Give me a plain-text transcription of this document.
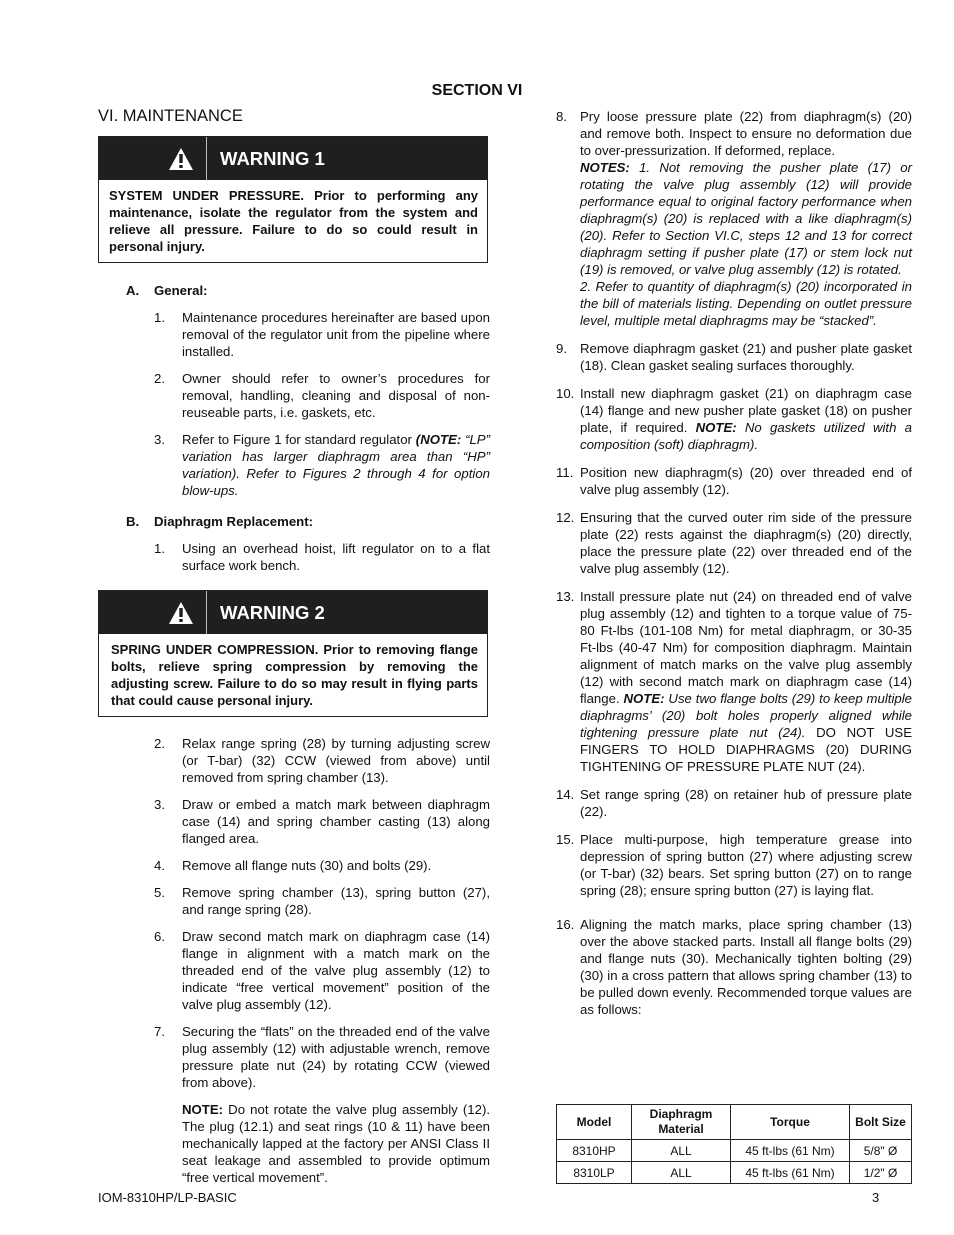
SECTION VI
VI. MAINTENANCE
WARNING 1
SYSTEM UNDER PRESSURE. Prior to performing any maintenance, isolate the regulator from the system and relieve all pressure. Failure to do so could result in personal injury.
A. General:
1.	Maintenance procedures hereinafter are based upon removal of the regulator unit from the pipeline where installed.
2.	Owner should refer to owner’s procedures for removal, handling, cleaning and disposal of non-reuseable parts, i.e. gaskets, etc.
3.	Refer to Figure 1 for standard regulator (NOTE: “LP” variation has larger diaphragm area than “HP” variation). Refer to Figures 2 through 4 for option blow-ups.
B. Diaphragm Replacement:
1.	Using an overhead hoist, lift regulator on to a flat surface work bench.
WARNING 2
SPRING UNDER COMPRESSION. Prior to removing flange bolts, relieve spring compression by removing the adjusting screw. Failure to do so may result in flying parts that could cause personal injury.
2.	Relax range spring (28) by turning adjusting screw (or T-bar) (32) CCW (viewed from above) until removed from spring chamber (13).
3.	Draw or embed a match mark between diaphragm case (14) and spring chamber casting (13) along flanged area.
4.	Remove all flange nuts (30) and bolts (29).
5.	Remove spring chamber (13), spring button (27), and range spring (28).
6.	Draw second match mark on diaphragm case (14) flange in alignment with a match mark on the threaded end of the valve plug assembly (12) to indicate “free vertical movement” position of the valve plug assembly (12).
7.	Securing the “flats” on the threaded end of the valve plug assembly (12) with adjustable wrench, remove pressure plate nut (24) by rotating CCW (viewed from above).
NOTE: Do not rotate the valve plug assembly (12). The plug (12.1) and seat rings (10 & 11) have been mechanically lapped at the factory per ANSI Class II seat leakage and assembled to provide optimum “free vertical movement”.
8. Pry loose pressure plate (22) from diaphragm(s) (20) and remove both. Inspect to ensure no deformation due to over-pressurization. If deformed, replace.
NOTES: 1. Not removing the pusher plate (17) or rotating the valve plug assembly (12) will provide performance equal to original factory performance when diaphragm(s) (20) is replaced with a like diaphragm(s) (20). Refer to Section VI.C, steps 12 and 13 for correct diaphragm setting if pusher plate (17) or stem lock nut (19) is removed, or valve plug assembly (12) is rotated.
2. Refer to quantity of diaphragm(s) (20) incorporated in the bill of materials listing. Depending on outlet pressure level, multiple metal diaphragms may be “stacked”.
9. Remove diaphragm gasket (21) and pusher plate gasket (18). Clean gasket sealing surfaces thoroughly.
10. Install new diaphragm gasket (21) on diaphragm case (14) flange and new pusher plate gasket (18) on pusher plate, if required. NOTE: No gaskets utilized with a composition (soft) diaphragm).
11. Position new diaphragm(s) (20) over threaded end of valve plug assembly (12).
12. Ensuring that the curved outer rim side of the pressure plate (22) rests against the diaphragm(s) (20) directly, place the pressure plate (22) over threaded end of the valve plug assembly (12).
13. Install pressure plate nut (24) on threaded end of valve plug assembly (12) and tighten to a torque value of 75-80 Ft-lbs (101-108 Nm) for metal diaphragm, or 30-35 Ft-lbs (40-47 Nm) for composition diaphragm. Maintain alignment of match marks on the valve plug assembly (12) with second match mark on diaphragm case (14) flange. NOTE: Use two flange bolts (29) to keep multiple diaphragms’ (20) bolt holes properly aligned while tightening pressure plate nut (24). DO NOT USE FINGERS TO HOLD DIAPHRAGMS (20) DURING TIGHTENING OF PRESSURE PLATE NUT (24).
14. Set range spring (28) on retainer hub of pressure plate (22).
15. Place multi-purpose, high temperature grease into depression of spring button (27) where adjusting screw (or T-bar) (32) bears. Set spring button (27) on to range spring (28); ensure spring button (27) is laying flat.
16. Aligning the match marks, place spring chamber (13) over the above stacked parts. Install all flange bolts (29) and flange nuts (30). Mechanically tighten bolting (29) (30) in a cross pattern that allows spring chamber (13) to be pulled down evenly. Recommended torque values are as follows:
Model	Diaphragm Material	Torque	Bolt Size
8310HP	ALL	45 ft-lbs (61 Nm)	5/8" Ø
8310LP	ALL	45 ft-lbs (61 Nm)	1/2" Ø
IOM-8310HP/LP-BASIC	3
